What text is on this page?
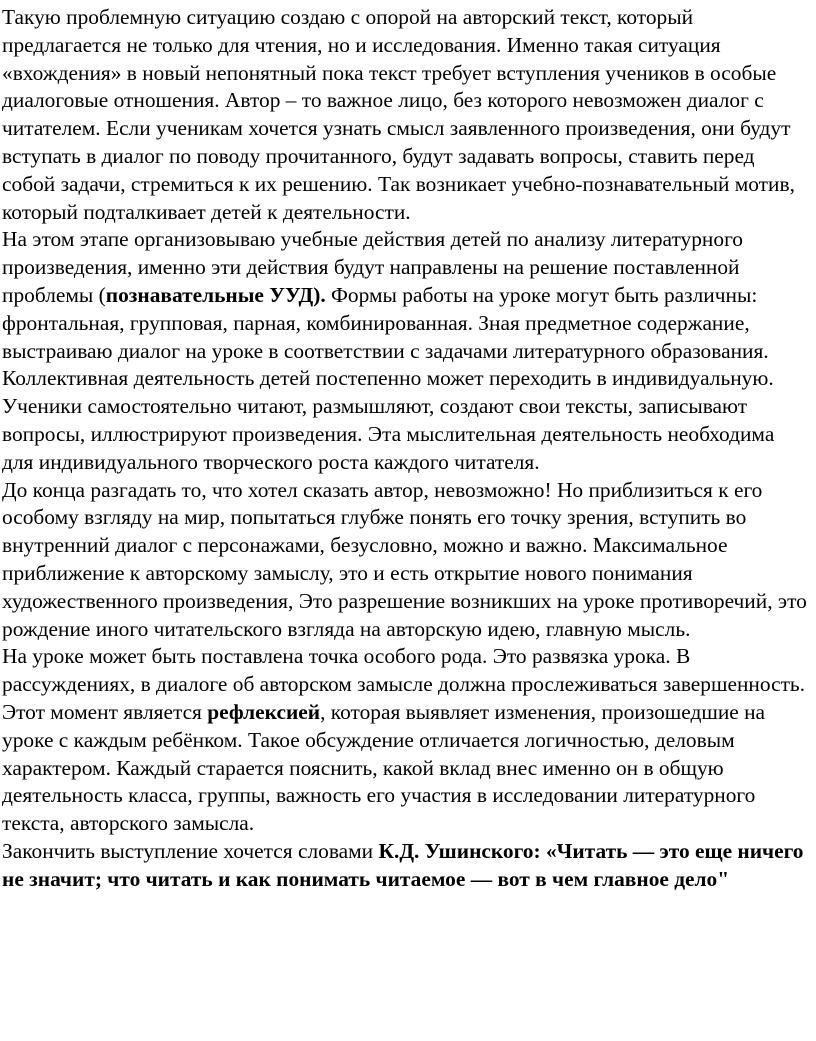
Такую проблемную ситуацию создаю с опорой на авторский текст, который предлагается не только для чтения, но и исследования. Именно такая ситуация «вхождения» в новый непонятный пока текст требует вступления учеников в особые диалоговые отношения. Автор – то важное лицо, без которого невозможен диалог с читателем. Если ученикам хочется узнать смысл заявленного произведения, они будут вступать в диалог по поводу прочитанного, будут задавать вопросы, ставить перед собой задачи, стремиться к их решению. Так возникает учебно-познавательный мотив, который подталкивает детей к деятельности.

На этом этапе организовываю учебные действия детей по анализу литературного произведения, именно эти действия будут направлены на решение поставленной проблемы (познавательные УУД). Формы работы на уроке могут быть различны: фронтальная, групповая, парная, комбинированная. Зная предметное содержание, выстраиваю диалог на уроке в соответствии с задачами литературного образования. Коллективная деятельность детей постепенно может переходить в индивидуальную. Ученики самостоятельно читают, размышляют, создают свои тексты, записывают вопросы, иллюстрируют произведения. Эта мыслительная деятельность необходима для индивидуального творческого роста каждого читателя.

До конца разгадать то, что хотел сказать автор, невозможно! Но приблизиться к его особому взгляду на мир, попытаться глубже понять его точку зрения, вступить во внутренний диалог с персонажами, безусловно, можно и важно. Максимальное приближение к авторскому замыслу, это и есть открытие нового понимания художественного произведения, Это разрешение возникших на уроке противоречий, это рождение иного читательского взгляда на авторскую идею, главную мысль.

На уроке может быть поставлена точка особого рода. Это развязка урока. В рассуждениях, в диалоге об авторском замысле должна прослеживаться завершенность. Этот момент является рефлексией, которая выявляет изменения, произошедшие на уроке с каждым ребёнком. Такое обсуждение отличается логичностью, деловым характером. Каждый старается пояснить, какой вклад внес именно он в общую деятельность класса, группы, важность его участия в исследовании литературного текста, авторского замысла.

Закончить выступление хочется словами К.Д. Ушинского: «Читать — это еще ничего не значит; что читать и как понимать читаемое — вот в чем главное дело"
